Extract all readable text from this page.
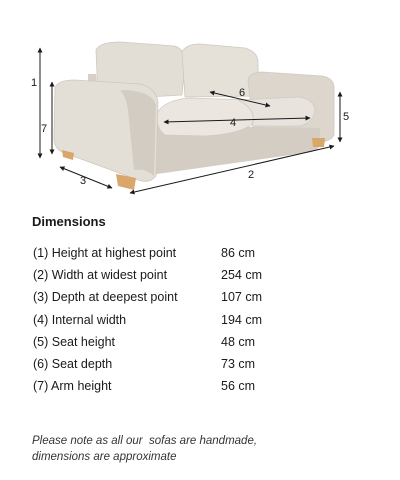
1
2
3
4	5
6
7
Dimensions
(1) Height at highest point	86 cm
(2) Width at widest point	254 cm
(3) Depth at deepest point	107 cm
(4) Internal width	194 cm
(5) Seat height	48 cm
(6) Seat depth	73 cm
(7) Arm height	56 cm
Please note as all our  sofas are handmade,
dimensions are approximate
